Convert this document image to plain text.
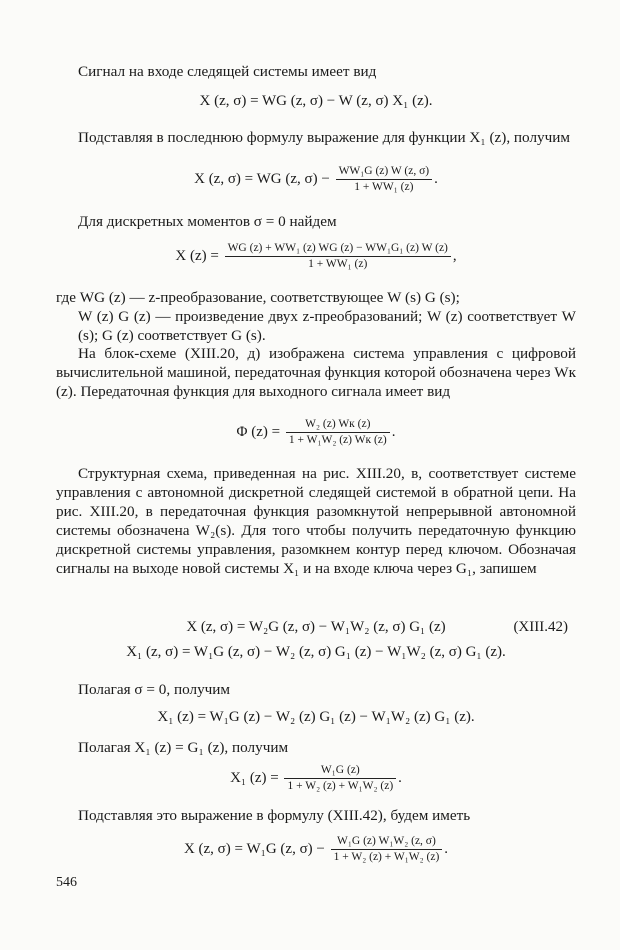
Сигнал на входе следящей системы имеет вид
X (z, σ) = WG (z, σ) − W (z, σ) X₁ (z).
Подставляя в последнюю формулу выражение для функции X₁ (z), получим
X (z, σ) = WG (z, $\sigma) - \frac{\text{WW₁G (z) W (z, σ)}}{\text{1 + WW₁ (z)}}$ .
Для дискретных моментов σ = 0 найдем
X $(z) = \frac{\text{WG (z) + WW₁ (z) WG (z) − WW₁G₁ (z) W (z)}}{\text{1 + WW₁ (z)}}$ ,
где WG (z) — z-преобразование, соответствующее W (s) G (s);
W (z) G (z) — произведение двух z-преобразований; W (z) соответствует W (s); G (z) соответствует G (s).
На блок-схеме (XIII.20, д) изображена система управления с цифровой вычислительной машиной, передаточная функция которой обозначена через Wк (z). Передаточная функция для выходного сигнала имеет вид
Φ $(z) = \frac{\text{W₂ (z) Wк (z)}}{\text{1 + W₁W₂ (z) Wк (z)}}$ .
Структурная схема, приведенная на рис. XIII.20, в, соответствует системе управления с автономной дискретной следящей системой в обратной цепи. На рис. XIII.20, в передаточная функция разомкнутой непрерывной автономной системы обозначена W₂(s). Для того чтобы получить передаточную функцию дискретной системы управления, разомкнем контур перед ключом. Обозначая сигналы на выходе новой системы X₁ и на входе ключа через G₁, запишем
X (z, σ) = W₂G (z, σ) − W₁W₂ (z, σ) G₁ (z)	(XIII.42)
X₁ (z, σ) = W₁G (z, σ) − W₂ (z, σ) G₁ (z) − W₁W₂ (z, σ) G₁ (z).
Полагая σ = 0, получим
X₁ (z) = W₁G (z) − W₂ (z) G₁ (z) − W₁W₂ (z) G₁ (z).
Полагая X₁ (z) = G₁ (z), получим
X₁ $(z) = \frac{\text{W₁G (z)}}{\text{1 + W₂ (z) + W₁W₂ (z)}}$ .
Подставляя это выражение в формулу (XIII.42), будем иметь
X (z, σ) = W₁G (z, $\sigma) - \frac{\text{W₁G (z) W₁W₂ (z, σ)}}{\text{1 + W₂ (z) + W₁W₂ (z)}}$ .
546
